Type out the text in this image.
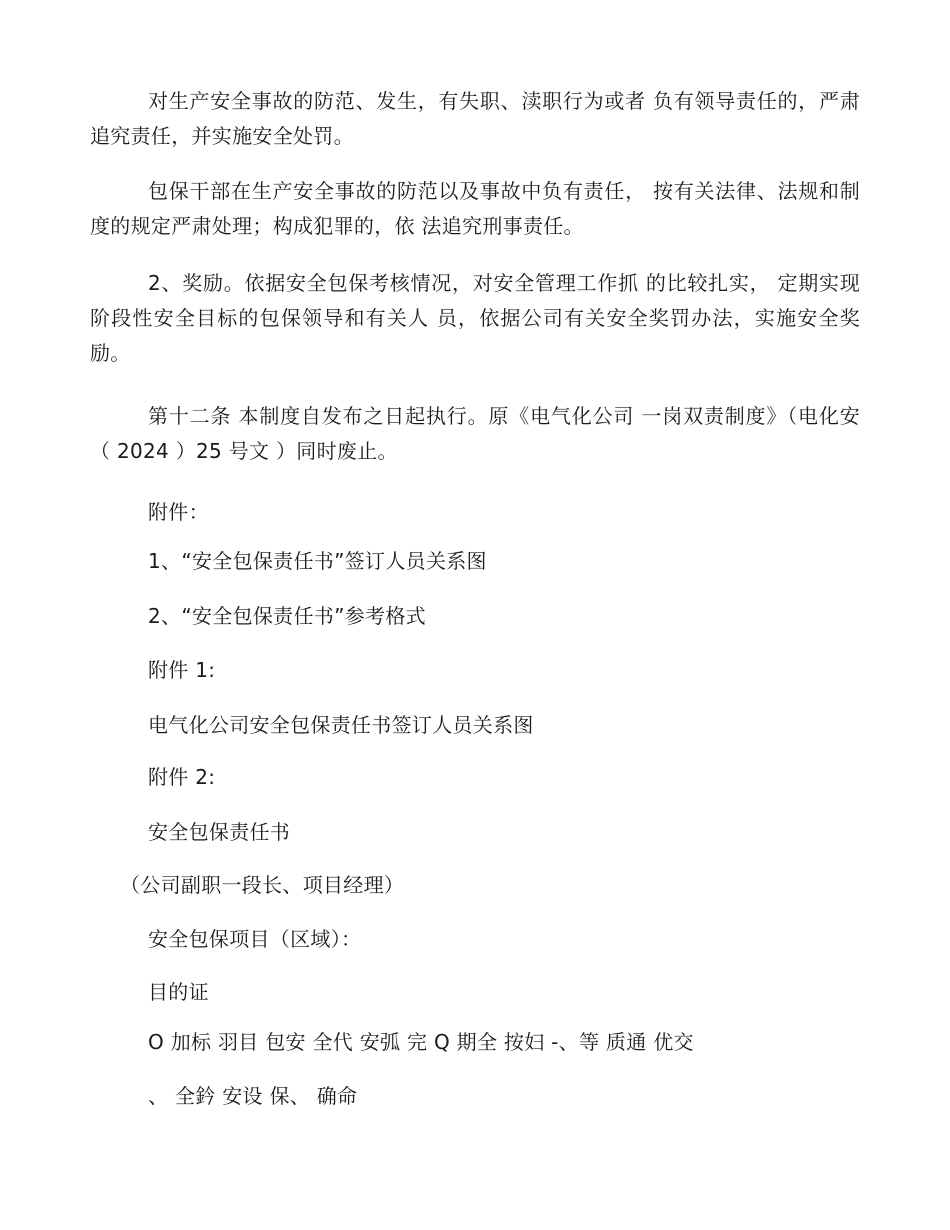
对生产安全事故的防范、发生，有失职、渎职行为或者 负有领导责任的，严肃追究责任，并实施安全处罚。

包保干部在生产安全事故的防范以及事故中负有责任， 按有关法律、法规和制度的规定严肃处理；构成犯罪的，依 法追究刑事责任。

2、奖励。依据安全包保考核情况，对安全管理工作抓 的比较扎实， 定期实现阶段性安全目标的包保领导和有关人 员，依据公司有关安全奖罚办法，实施安全奖励。

第十二条 本制度自发布之日起执行。原《电气化公司 一岗双责制度》（电化安（ 2024 ）25 号文 ）同时废止。

附件：

1、“安全包保责任书”签订人员关系图

2、“安全包保责任书”参考格式

附件 1:

电气化公司安全包保责任书签订人员关系图

附件 2:

安全包保责任书

（公司副职一段长、项目经理）

安全包保项目（区域）：

目的证

O 加标 羽目 包安 全代 安弧 完 Q 期全 按妇 -、等 质通 优交

、 全鈐 安设 保、 确命
